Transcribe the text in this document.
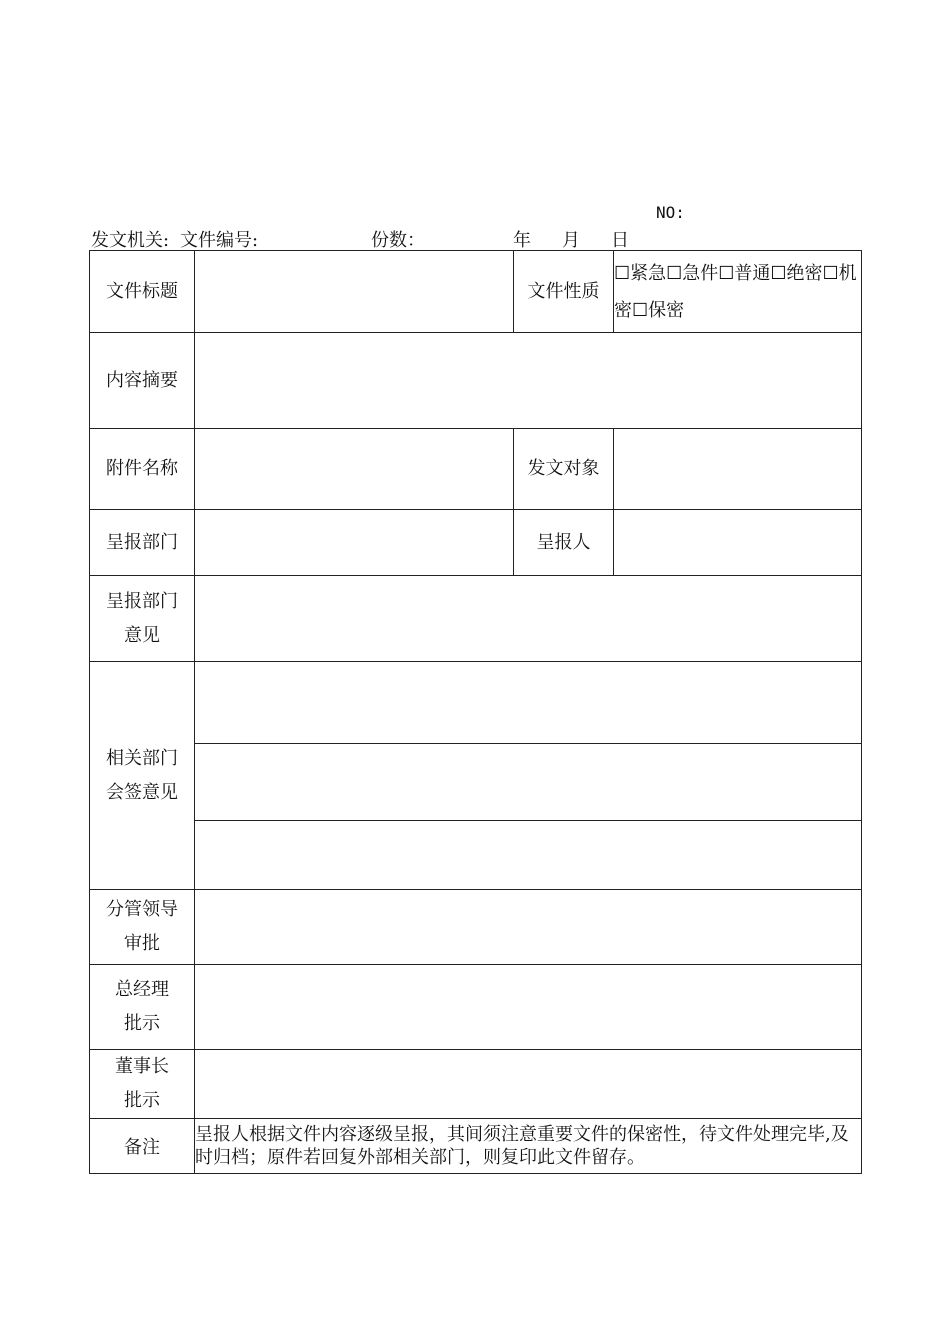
NO:
发文机关: 文件编号:	份数：	年 月 日
文件标题		文件性质	☐紧急☐急件☐普通☐绝密☐机密☐保密
内容摘要			
附件名称		发文对象	
呈报部门		呈报人	

呈报部门
意见			

相关部门
会签意见			

分管领导
审批			

总经理
批示			

董事长
批示			

备注	呈报人根据文件内容逐级呈报，其间须注意重要文件的保密性，待文件处理完毕,及时归档；原件若回复外部相关部门，则复印此文件留存。		
